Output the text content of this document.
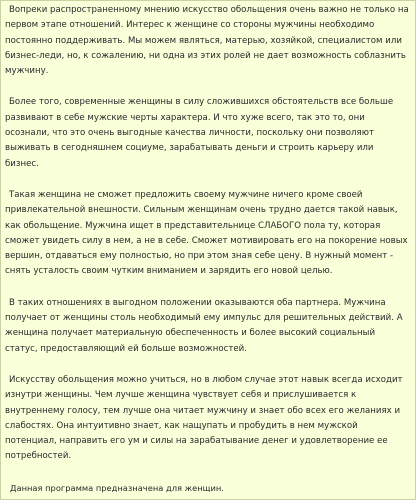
Вопреки распространенному мнению искусство обольщения очень важно не только на первом этапе отношений. Интерес к женщине со стороны мужчины необходимо постоянно поддерживать. Мы можем являться, матерью, хозяйкой, специалистом или бизнес-леди, но, к сожалению, ни одна из этих ролей не дает возможность соблазнить мужчину.

Более того, современные женщины в силу сложившихся обстоятельств все больше развивают в себе мужские черты характера. И что хуже всего, так это то, они осознали, что это очень выгодные качества личности, поскольку они позволяют выживать в сегодняшнем социуме, зарабатывать деньги и строить карьеру или бизнес.

Такая женщина не сможет предложить своему мужчине ничего кроме своей привлекательной внешности. Сильным женщинам очень трудно дается такой навык, как обольщение. Мужчина ищет в представительнице СЛАБОГО пола ту, которая сможет увидеть силу в нем, а не в себе. Сможет мотивировать его на покорение новых вершин, отдаваться ему полностью, но при этом зная себе цену. В нужный момент - снять усталость своим чутким вниманием и зарядить его новой целью.

В таких отношениях в выгодном положении оказываются оба партнера. Мужчина получает от женщины столь необходимый ему импульс для решительных действий. А женщина получает материальную обеспеченность и более высокий социальный статус, предоставляющий ей больше возможностей.

Искусству обольщения можно учиться, но в любом случае этот навык всегда исходит изнутри женщины. Чем лучше женщина чувствует себя и прислушивается к внутреннему голосу, тем лучше она читает мужчину и знает обо всех его желаниях и слабостях. Она интуитивно знает, как нащупать и пробудить в нем мужской потенциал, направить его ум и силы на зарабатывание денег и удовлетворение ее потребностей.

Данная программа предназначена для женщин.
